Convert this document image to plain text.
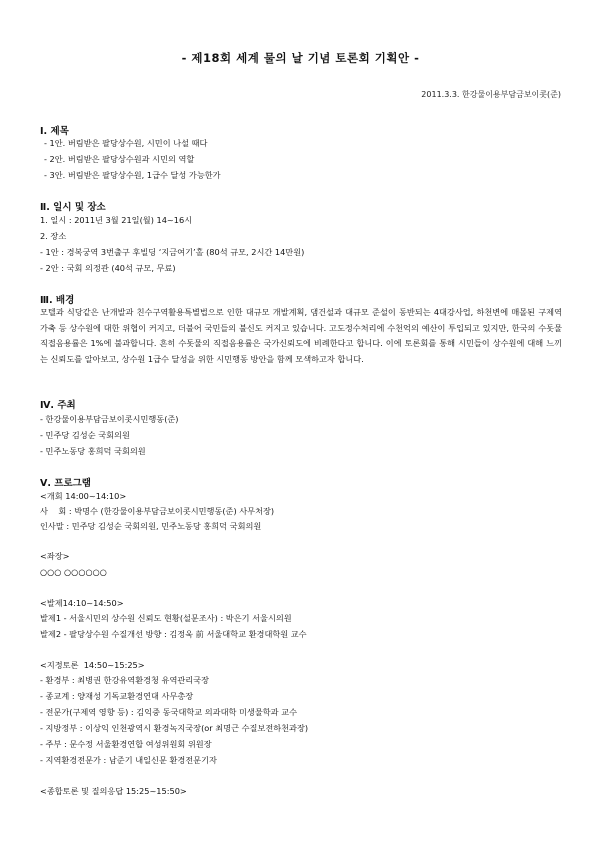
- 제18회 세계 물의 날 기념 토론회 기획안 -
2011.3.3. 한강물이용부담금보이콧(준)
Ⅰ. 제목
- 1안. 버림받은 팔당상수원, 시민이 나설 때다
- 2안. 버림받은 팔당상수원과 시민의 역할
- 3안. 버림받은 팔당상수원, 1급수 달성 가능한가
Ⅱ. 일시 및 장소
1. 일시 : 2011년 3월 21일(월) 14~16시
2. 장소
- 1안 : 경복궁역 3번출구 후빌딩 ‘지금여기’홀 (80석 규모, 2시간 14만원)
- 2안 : 국회 의정관 (40석 규모, 무료)
Ⅲ. 배경
모텔과 식당같은 난개발과 친수구역활용특별법으로 인한 대규모 개발계획, 댐건설과 대규모 준설이 동반되는 4대강사업, 하천변에 매몰된 구제역 가축 등 상수원에 대한 위협이 커지고, 더불어 국민들의 불신도 커지고 있습니다. 고도정수처리에 수천억의 예산이 투입되고 있지만, 한국의 수돗물 직접음용률은 1%에 불과합니다. 흔히 수돗물의 직접음용률은 국가신뢰도에 비례한다고 합니다. 이에 토론회를 통해 시민들이 상수원에 대해 느끼는 신뢰도를 알아보고, 상수원 1급수 달성을 위한 시민행동 방안을 함께 모색하고자 합니다.
Ⅳ. 주최
- 한강물이용부담금보이콧시민행동(준)
- 민주당 김성순 국회의원
- 민주노동당 홍희덕 국회의원
Ⅴ. 프로그램
<개회 14:00~14:10>
사    회 : 박명수 (한강물이용부담금보이콧시민행동(준) 사무처장)
인사말 : 민주당 김성순 국회의원, 민주노동당 홍희덕 국회의원
<좌장>
○○○ ○○○○○○
<발제14:10~14:50>
발제1 - 서울시민의 상수원 신뢰도 현황(설문조사) : 박은기 서울시의원
발제2 - 팔당상수원 수질개선 방향 : 김정욱 前 서울대학교 환경대학원 교수
<지정토론  14:50~15:25>
- 환경부 : 최병권 한강유역환경청 유역관리국장
- 종교계 : 양재성 기독교환경연대 사무총장
- 전문가(구제역 영향 등) : 김익중 동국대학교 의과대학 미생물학과 교수
- 지방정부 : 이상익 인천광역시 환경녹지국장(or 최명근 수질보전하천과장)
- 주부 : 문수정 서울환경연합 여성위원회 위원장
- 지역환경전문가 : 남준기 내일신문 환경전문기자
<종합토론 및 질의응답 15:25~15:50>
